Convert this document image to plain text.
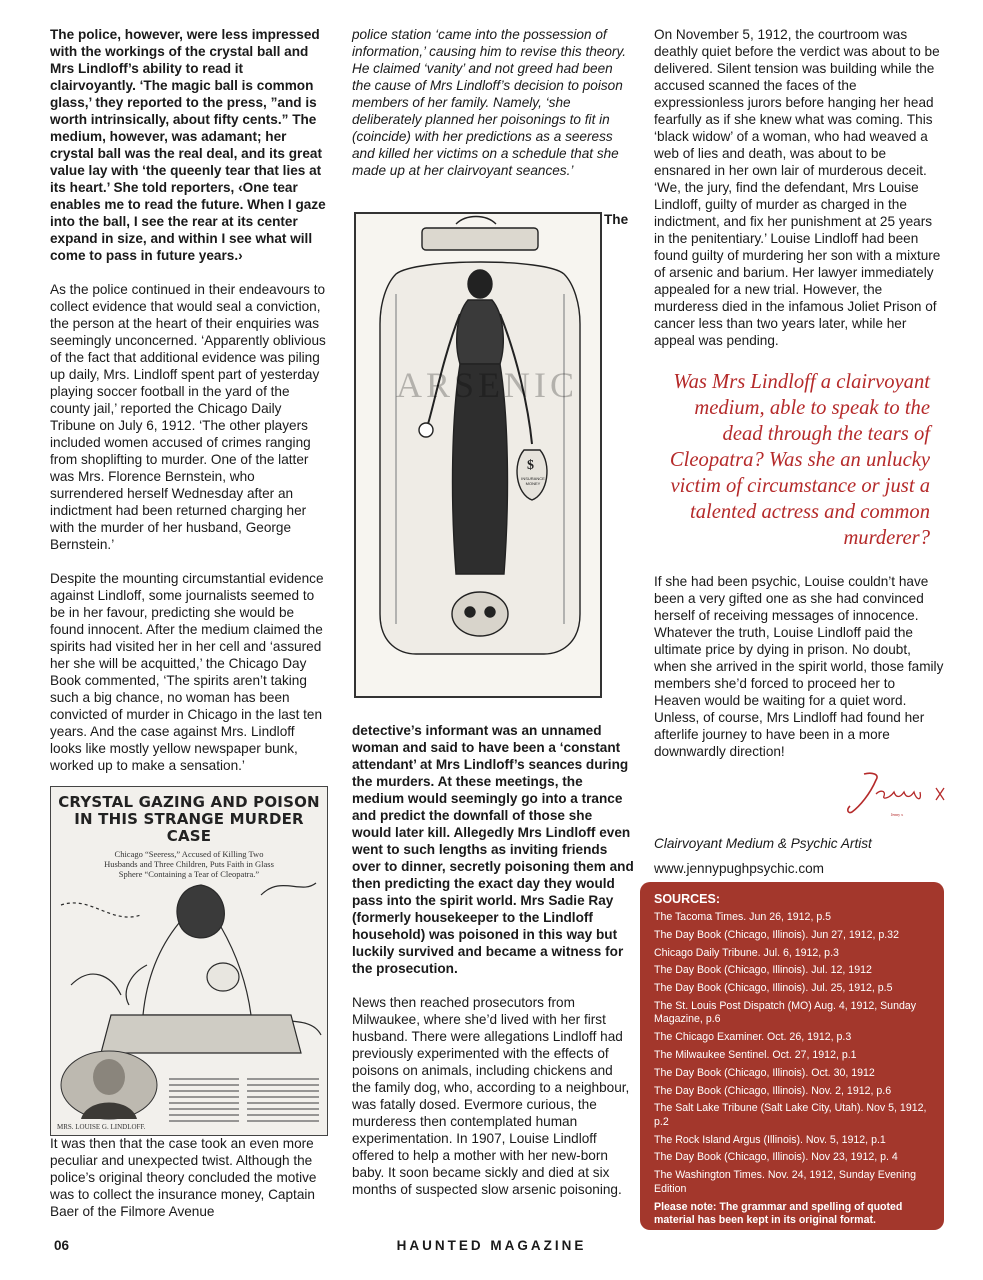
The police, however, were less impressed with the workings of the crystal ball and Mrs Lindloff’s ability to read it clairvoyantly. ‘The magic ball is common glass,’ they reported to the press, ”and is worth intrinsically, about fifty cents.” The medium, however, was adamant; her crystal ball was the real deal, and its great value lay with ‘the queenly tear that lies at its heart.’ She told reporters, ‹One tear enables me to read the future. When I gaze into the ball, I see the rear at its center expand in size, and within I see what will come to pass in future years.›

As the police continued in their endeavours to collect evidence that would seal a conviction, the person at the heart of their enquiries was seemingly unconcerned. ‘Apparently oblivious of the fact that additional evidence was piling up daily, Mrs. Lindloff spent part of yesterday playing soccer football in the yard of the county jail,’ reported the Chicago Daily Tribune on July 6, 1912. ‘The other players included women accused of crimes ranging from shoplifting to murder. One of the latter was Mrs. Florence Bernstein, who surrendered herself Wednesday after an indictment had been returned charging her with the murder of her husband, George Bernstein.’

Despite the mounting circumstantial evidence against Lindloff, some journalists seemed to be in her favour, predicting she would be found innocent. After the medium claimed the spirits had visited her in her cell and ‘assured her she will be acquitted,’ the Chicago Day Book commented, ‘The spirits aren’t taking such a big chance, no woman has been convicted of murder in Chicago in the last ten years. And the case against Mrs. Lindloff looks like mostly yellow newspaper bunk, worked up to make a sensation.’

CRYSTAL GAZING AND POISON IN THIS STRANGE MURDER CASE
Chicago “Seeress,” Accused of Killing Two Husbands and Three Children, Puts Faith in Glass Sphere “Containing a Tear of Cleopatra.”
MRS. LOUISE G. LINDLOFF.

It was then that the case took an even more peculiar and unexpected twist. Although the police’s original theory concluded the motive was to collect the insurance money, Captain Baer of the Filmore Avenue

police station ‘came into the possession of information,’ causing him to revise this theory. He claimed ‘vanity’ and not greed had been the cause of Mrs Lindloff’s decision to poison members of her family. Namely, ‘she deliberately planned her poisonings to fit in (coincide) with her predictions as a seeress and killed her victims on a schedule that she made up at her clairvoyant seances.’

ARSENIC
$
INSURANCE MONEY
The

detective’s informant was an unnamed woman and said to have been a ‘constant attendant’ at Mrs Lindloff’s seances during the murders. At these meetings, the medium would seemingly go into a trance and predict the downfall of those she would later kill. Allegedly Mrs Lindloff even went to such lengths as inviting friends over to dinner, secretly poisoning them and then predicting the exact day they would pass into the spirit world. Mrs Sadie Ray (formerly housekeeper to the Lindloff household) was poisoned in this way but luckily survived and became a witness for the prosecution.

News then reached prosecutors from Milwaukee, where she’d lived with her first husband. There were allegations Lindloff had previously experimented with the effects of poisons on animals, including chickens and the family dog, who, according to a neighbour, was fatally dosed. Evermore curious, the murderess then contemplated human experimentation. In 1907, Louise Lindloff offered to help a mother with her new-born baby. It soon became sickly and died at six months of suspected slow arsenic poisoning.

On November 5, 1912, the courtroom was deathly quiet before the verdict was about to be delivered. Silent tension was building while the accused scanned the faces of the expressionless jurors before hanging her head fearfully as if she knew what was coming. This ‘black widow’ of a woman, who had weaved a web of lies and death, was about to be ensnared in her own lair of murderous deceit. ‘We, the jury, find the defendant, Mrs Louise Lindloff, guilty of murder as charged in the indictment, and fix her punishment at 25 years in the penitentiary.’ Louise Lindloff had been found guilty of murdering her son with a mixture of arsenic and barium. Her lawyer immediately appealed for a new trial. However, the murderess died in the infamous Joliet Prison of cancer less than two years later, while her appeal was pending.

Was Mrs Lindloff a clairvoyant medium, able to speak to the dead through the tears of Cleopatra? Was she an unlucky victim of circumstance or just a talented actress and common murderer?

If she had been psychic, Louise couldn’t have been a very gifted one as she had convinced herself of receiving messages of innocence. Whatever the truth, Louise Lindloff paid the ultimate price by dying in prison. No doubt, when she arrived in the spirit world, those family members she’d forced to proceed her to Heaven would be waiting for a quiet word. Unless, of course, Mrs Lindloff had found her afterlife journey to have been in a more downwardly direction!

Jenny x
Clairvoyant Medium & Psychic Artist
www.jennypughpsychic.com
SOURCES:
The Tacoma Times. Jun 26, 1912, p.5
The Day Book (Chicago, Illinois). Jun 27, 1912, p.32
Chicago Daily Tribune. Jul. 6, 1912, p.3
The Day Book (Chicago, Illinois). Jul. 12, 1912
The Day Book (Chicago, Illinois). Jul. 25, 1912, p.5
The St. Louis Post Dispatch (MO) Aug. 4, 1912, Sunday Magazine, p.6
The Chicago Examiner. Oct. 26, 1912, p.3
The Milwaukee Sentinel. Oct. 27, 1912, p.1
The Day Book (Chicago, Illinois). Oct. 30, 1912
The Day Book (Chicago, Illinois). Nov. 2, 1912, p.6
The Salt Lake Tribune (Salt Lake City, Utah). Nov 5, 1912, p.2
The Rock Island Argus (Illinois). Nov. 5, 1912, p.1
The Day Book (Chicago, Illinois). Nov 23, 1912, p. 4
The Washington Times. Nov. 24, 1912, Sunday Evening Edition
Please note: The grammar and spelling of quoted material has been kept in its original format.
06	HAUNTED MAGAZINE
